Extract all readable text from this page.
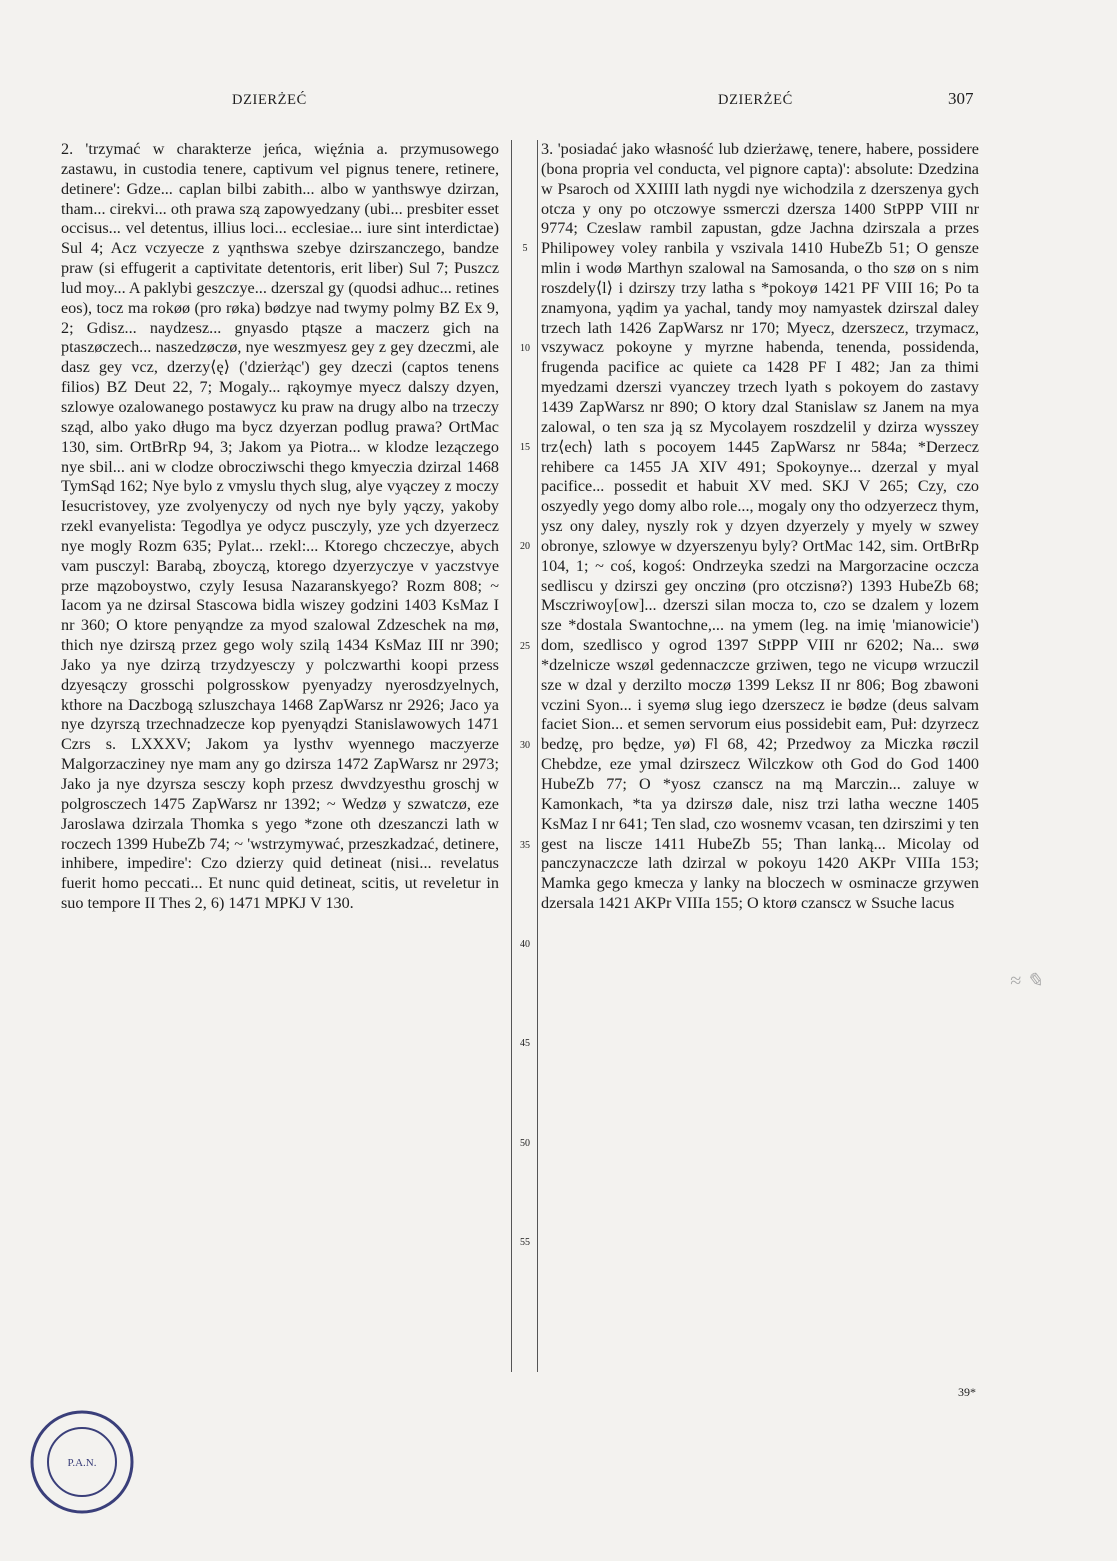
DZIERŻEĆ	DZIERŻEĆ	307

2. 'trzymać w charakterze jeńca, więźnia a. przymusowego zastawu, in custodia tenere, captivum vel pignus tenere, retinere, detinere': Gdze... caplan bilbi zabith... albo w yanthswye dzirzan, tham... cirekvi... oth prawa szą zapowyedzany (ubi... presbiter esset occisus... vel detentus, illius loci... ecclesiae... iure sint interdictae) Sul 4; Acz vczyecze z yąnthswa szebye dzirszanczego, bandze praw (si effugerit a captivitate detentoris, erit liber) Sul 7; Puszcz lud moy... A paklybi geszczye... dzerszal gy (quodsi adhuc... retines eos), tocz ma rokøø (pro røka) bødzye nad twymy polmy BZ Ex 9, 2; Gdisz... naydzesz... gnyasdo ptąsze a maczerz gich na ptaszøczech... naszedzøczø, nye weszmyesz gey z gey dzeczmi, ale dasz gey vcz, dzerzy⟨ę⟩ ('dzierżąc') gey dzeczi (captos tenens filios) BZ Deut 22, 7; Mogaly... rąkoymye myecz dalszy dzyen, szlowye ozalowanego postawycz ku praw na drugy albo na trzeczy sząd, albo yako długo ma bycz dzyerzan podlug prawa? OrtMac 130, sim. OrtBrRp 94, 3; Jakom ya Piotra... w klodze lezączego nye sbil... ani w clodze obrocziwschi thego kmyeczia dzirzal 1468 TymSąd 162; Nye bylo z vmyslu thych slug, alye vyączey z moczy Iesucristovey, yze zvolyenyczy od nych nye byly yączy, yakoby rzekl evanyelista: Tegodlya ye odycz pusczyly, yze ych dzyerzecz nye mogly Rozm 635; Pylat... rzekl:... Ktorego chczeczye, abych vam pusczyl: Barabą, zboyczą, ktorego dzyerzyczye v yaczstvye prze mązoboystwo, czyly Iesusa Nazaranskyego? Rozm 808; ~ Iacom ya ne dzirsal Stascowa bidla wiszey godzini 1403 KsMaz I nr 360; O ktore penyąndze za myod szalowal Zdzeschek na mø, thich nye dzirszą przez gego woly szilą 1434 KsMaz III nr 390; Jako ya nye dzirzą trzydzyesczy y polczwarthi koopi przess dzyesączy grosschi polgrosskow pyenyadzy nyerosdzyelnych, kthore na Daczbogą szluszchaya 1468 ZapWarsz nr 2926; Jaco ya nye dzyrszą trzechnadzecze kop pyenyądzi Stanislawowych 1471 Czrs s. LXXXV; Jakom ya lysthv wyennego maczyerze Malgorzacziney nye mam any go dzirsza 1472 ZapWarsz nr 2973; Jako ja nye dzyrsza sesczy koph przesz dwvdzyesthu groschj w polgrosczech 1475 ZapWarsz nr 1392; ~ Wedzø y szwatczø, eze Jaroslawa dzirzala Thomka s yego *zone oth dzeszanczi lath w roczech 1399 HubeZb 74; ~ 'wstrzymywać, przeszkadzać, detinere, inhibere, impedire': Czo dzierzy quid detineat (nisi... revelatus fuerit homo peccati... Et nunc quid detineat, scitis, ut reveletur in suo tempore II Thes 2, 6) 1471 MPKJ V 130.

5
10
15
20
25
30
35
40
45
50
55

3. 'posiadać jako własność lub dzierżawę, tenere, habere, possidere (bona propria vel conducta, vel pignore capta)': absolute: Dzedzina w Psaroch od XXIIII lath nygdi nye wichodzila z dzerszenya gych otcza y ony po otczowye ssmerczi dzersza 1400 StPPP VIII nr 9774; Czeslaw rambil zapustan, gdze Jachna dzirszala a przes Philipowey voley ranbila y vszivala 1410 HubeZb 51; O gensze mlin i wodø Marthyn szalowal na Samosanda, o tho szø on s nim roszdely⟨l⟩ i dzirszy trzy latha s *pokoyø 1421 PF VIII 16; Po ta znamyona, yądim ya yachal, tandy moy namyastek dzirszal daley trzech lath 1426 ZapWarsz nr 170; Myecz, dzerszecz, trzymacz, vszywacz pokoyne y myrzne habenda, tenenda, possidenda, frugenda pacifice ac quiete ca 1428 PF I 482; Jan za thimi myedzami dzerszi vyanczey trzech lyath s pokoyem do zastavy 1439 ZapWarsz nr 890; O ktory dzal Stanislaw sz Janem na mya zalowal, o ten sza ją sz Mycolayem roszdzelil y dzirza wysszey trz⟨ech⟩ lath s pocoyem 1445 ZapWarsz nr 584a; *Derzecz rehibere ca 1455 JA XIV 491; Spokoynye... dzerzal y myal pacifice... possedit et habuit XV med. SKJ V 265; Czy, czo oszyedly yego domy albo role..., mogaly ony tho odzyerzecz thym, ysz ony daley, nyszly rok y dzyen dzyerzely y myely w szwey obronye, szlowye w dzyerszenyu byly? OrtMac 142, sim. OrtBrRp 104, 1; ~ coś, kogoś: Ondrzeyka szedzi na Margorzacine oczcza sedliscu y dzirszi gey onczinø (pro otczisnø?) 1393 HubeZb 68; Msczriwoy[ow]... dzerszi silan mocza to, czo se dzalem y lozem sze *dostala Swantochne,... na ymem (leg. na imię 'mianowicie') dom, szedlisco y ogrod 1397 StPPP VIII nr 6202; Na... swø *dzelnicze wszøl gedennaczcze grziwen, tego ne vicupø wrzuczil sze w dzal y derzilto moczø 1399 Leksz II nr 806; Bog zbawoni vczini Syon... i syemø slug iego dzerszecz ie bødze (deus salvam faciet Sion... et semen servorum eius possidebit eam, Puł: dzyrzecz bedzę, pro będze, yø) Fl 68, 42; Przedwoy za Miczka røczil Chebdze, eze ymal dzirszecz Wilczkow oth God do God 1400 HubeZb 77; O *yosz czanscz na mą Marczin... zaluye w Kamonkach, *ta ya dzirszø dale, nisz trzi latha weczne 1405 KsMaz I nr 641; Ten slad, czo wosnemv vcasan, ten dzirszimi y ten gest na liscze 1411 HubeZb 55; Than lanką... Micolay od panczynaczcze lath dzirzal w pokoyu 1420 AKPr VIIIa 153; Mamka gego kmecza y lanky na bloczech w osminacze grzywen dzersala 1421 AKPr VIIIa 155; O ktorø czanscz w Ssuche lacus

39*
P.A.N.
≈ ✎
